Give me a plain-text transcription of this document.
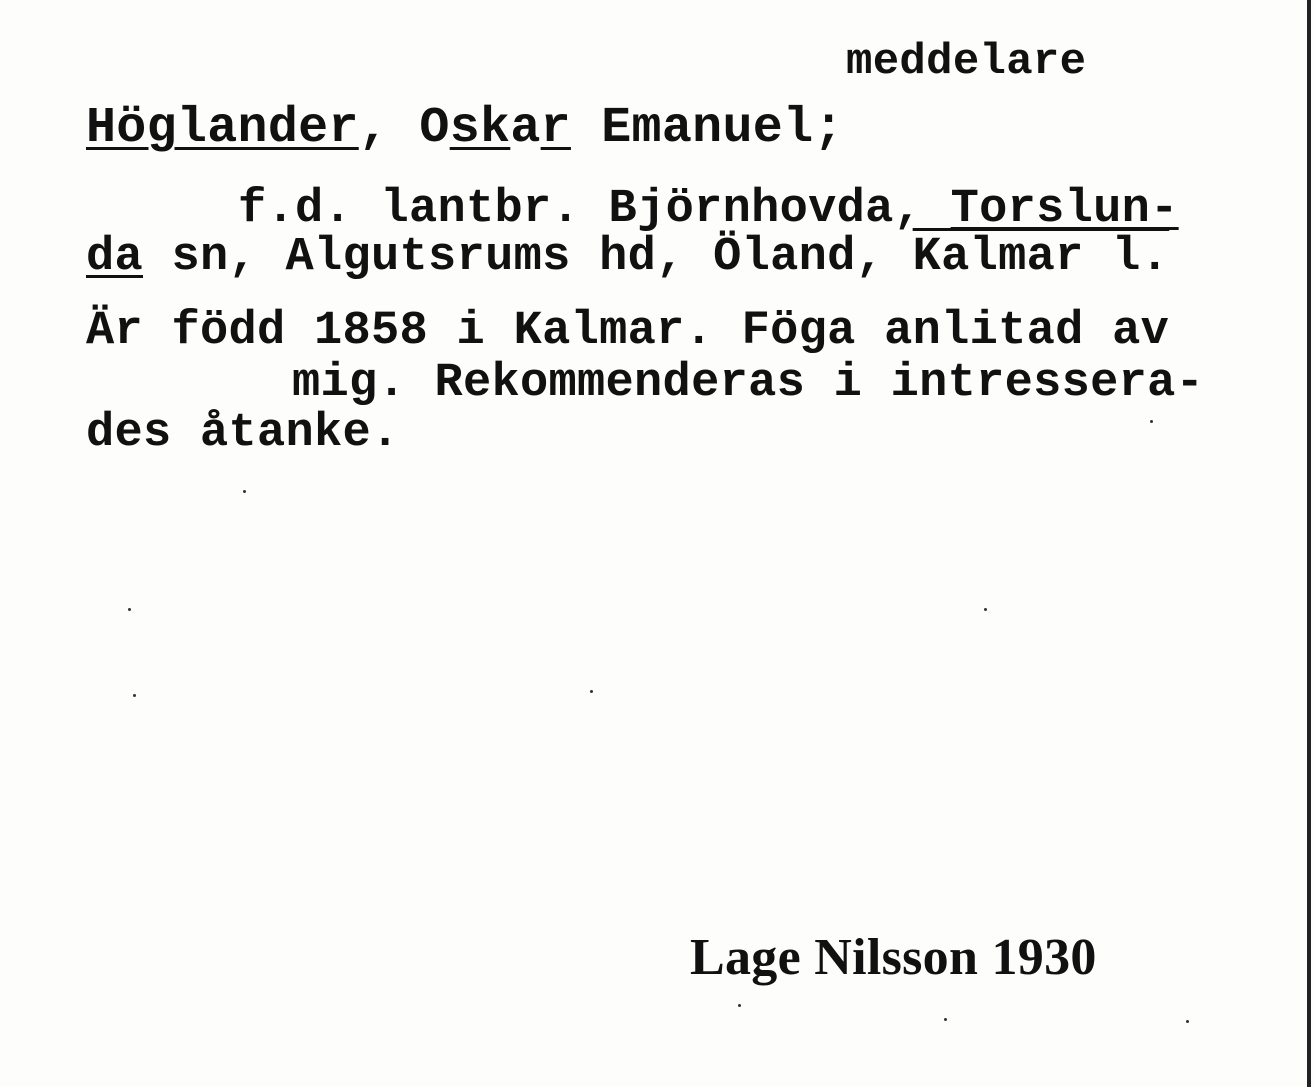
meddelare
Höglander, Oskar Emanuel;
f.d. lantbr. Björnhovda, Torslun-
da sn, Algutsrums hd, Öland, Kalmar l.
Är född 1858 i Kalmar. Föga anlitad av
mig. Rekommenderas i intressera-
des åtanke.
Lage Nilsson 1930
